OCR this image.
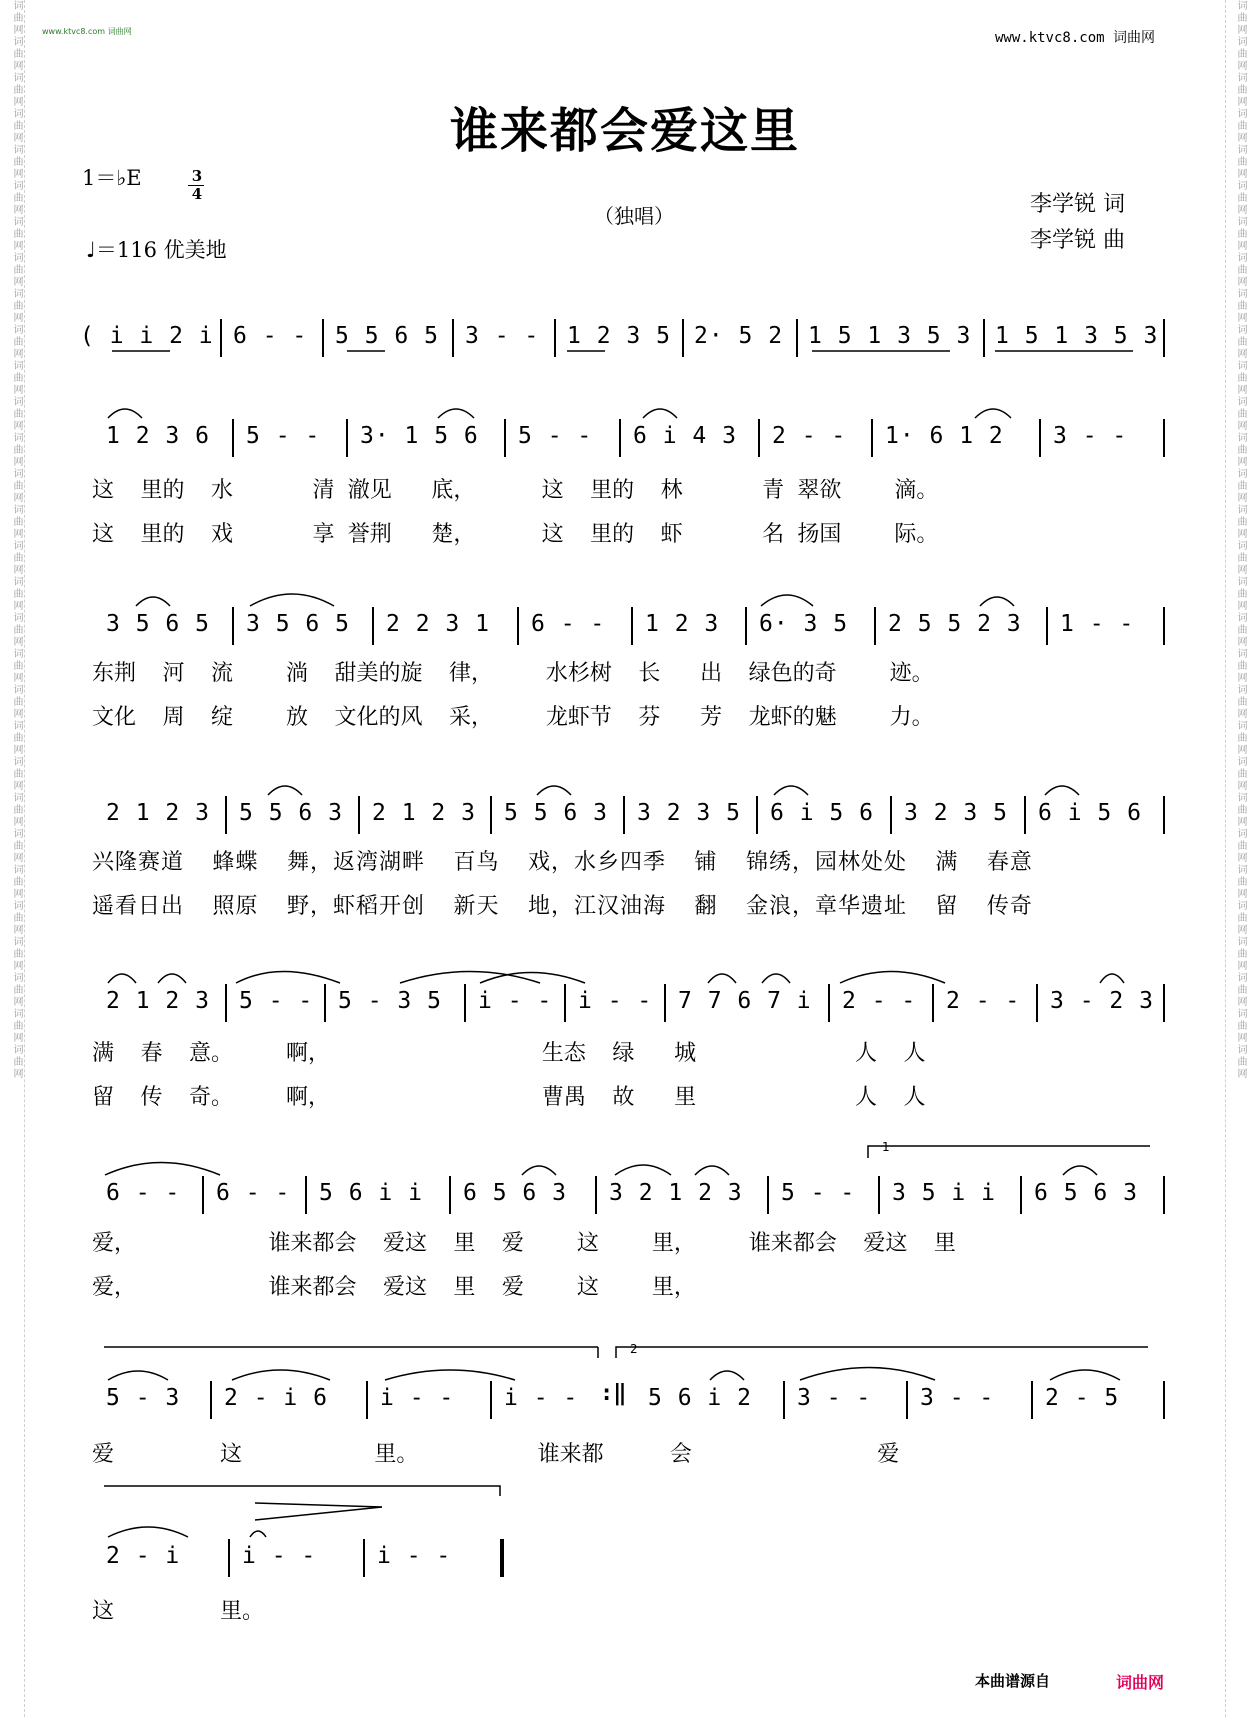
词曲网词曲网词曲网词曲网词曲网词曲网词曲网词曲网词曲网词曲网词曲网词曲网词曲网词曲网词曲网词曲网词曲网词曲网词曲网词曲网词曲网词曲网词曲网词曲网词曲网词曲网词曲网词曲网词曲网词曲网	词曲网词曲网词曲网词曲网词曲网词曲网词曲网词曲网词曲网词曲网词曲网词曲网词曲网词曲网词曲网词曲网词曲网词曲网词曲网词曲网词曲网词曲网词曲网词曲网词曲网词曲网词曲网词曲网词曲网词曲网
www.ktvc8.com 词曲网	www.ktvc8.com 词曲网
谁来都会爱这里
1＝♭E	3
4
♩＝116 优美地
（独唱）	李学锐 词
李学锐 曲
( i i 2 i 6 - - 5 5 6 5 3 - - 1 2 3 5 2· 5 2 1 5 1 3 5 3 1 5 1 3 5 3
1 2 3 6 5 - - 3· 1 5 6 5 - - 6 i 4 3 2 - - 1· 6 1 2 3 - -
这  里的  水      清 澈见   底，     这  里的  林      青 翠欲    滴。
这  里的  戏      享 誉荆   楚，     这  里的  虾      名 扬国    际。
3 5 6 5 3 5 6 5 2 2 3 1 6 - - 1 2 3 6· 3 5 2 5 5 2 3 1 - -
东荆  河  流    淌  甜美的旋  律，    水杉树  长   出  绿色的奇    迹。
文化  周  绽    放  文化的风  采，    龙虾节  芬   芳  龙虾的魅    力。
2 1 2 3 5 5 6 3 2 1 2 3 5 5 6 3 3 2 3 5 6 i 5 6 3 2 3 5 6 i 5 6
兴隆赛道  蜂蝶  舞，返湾湖畔  百鸟  戏，水乡四季  铺  锦绣，园林处处  满  春意
遥看日出  照原  野，虾稻开创  新天  地，江汉油海  翻  金浪，章华遗址  留  传奇
2 1 2 3 5 - - 5 - 3 5 i - - i - - 7 7 6 7 i 2 - - 2 - - 3 - 2 3
满  春  意。    啊，                生态  绿   城            人  人
留  传  奇。    啊，                曹禺  故   里            人  人
6 - - 6 - - 5 6 i i 6 5 6 3 3 2 1 2 3 5 - - 3 5 i i 6 5 6 3
1
爱，          谁来都会  爱这  里  爱    这    里，    谁来都会  爱这  里
爱，          谁来都会  爱这  里  爱    这    里，
5 - 3 2 - i 6 i - - i - - :‖ 5 6 i 2 3 - - 3 - - 2 - 5
2
爱        这          里。         谁来都     会              爱
2 - i	i - -	i - -
这        里。
本曲谱源自	词曲网
